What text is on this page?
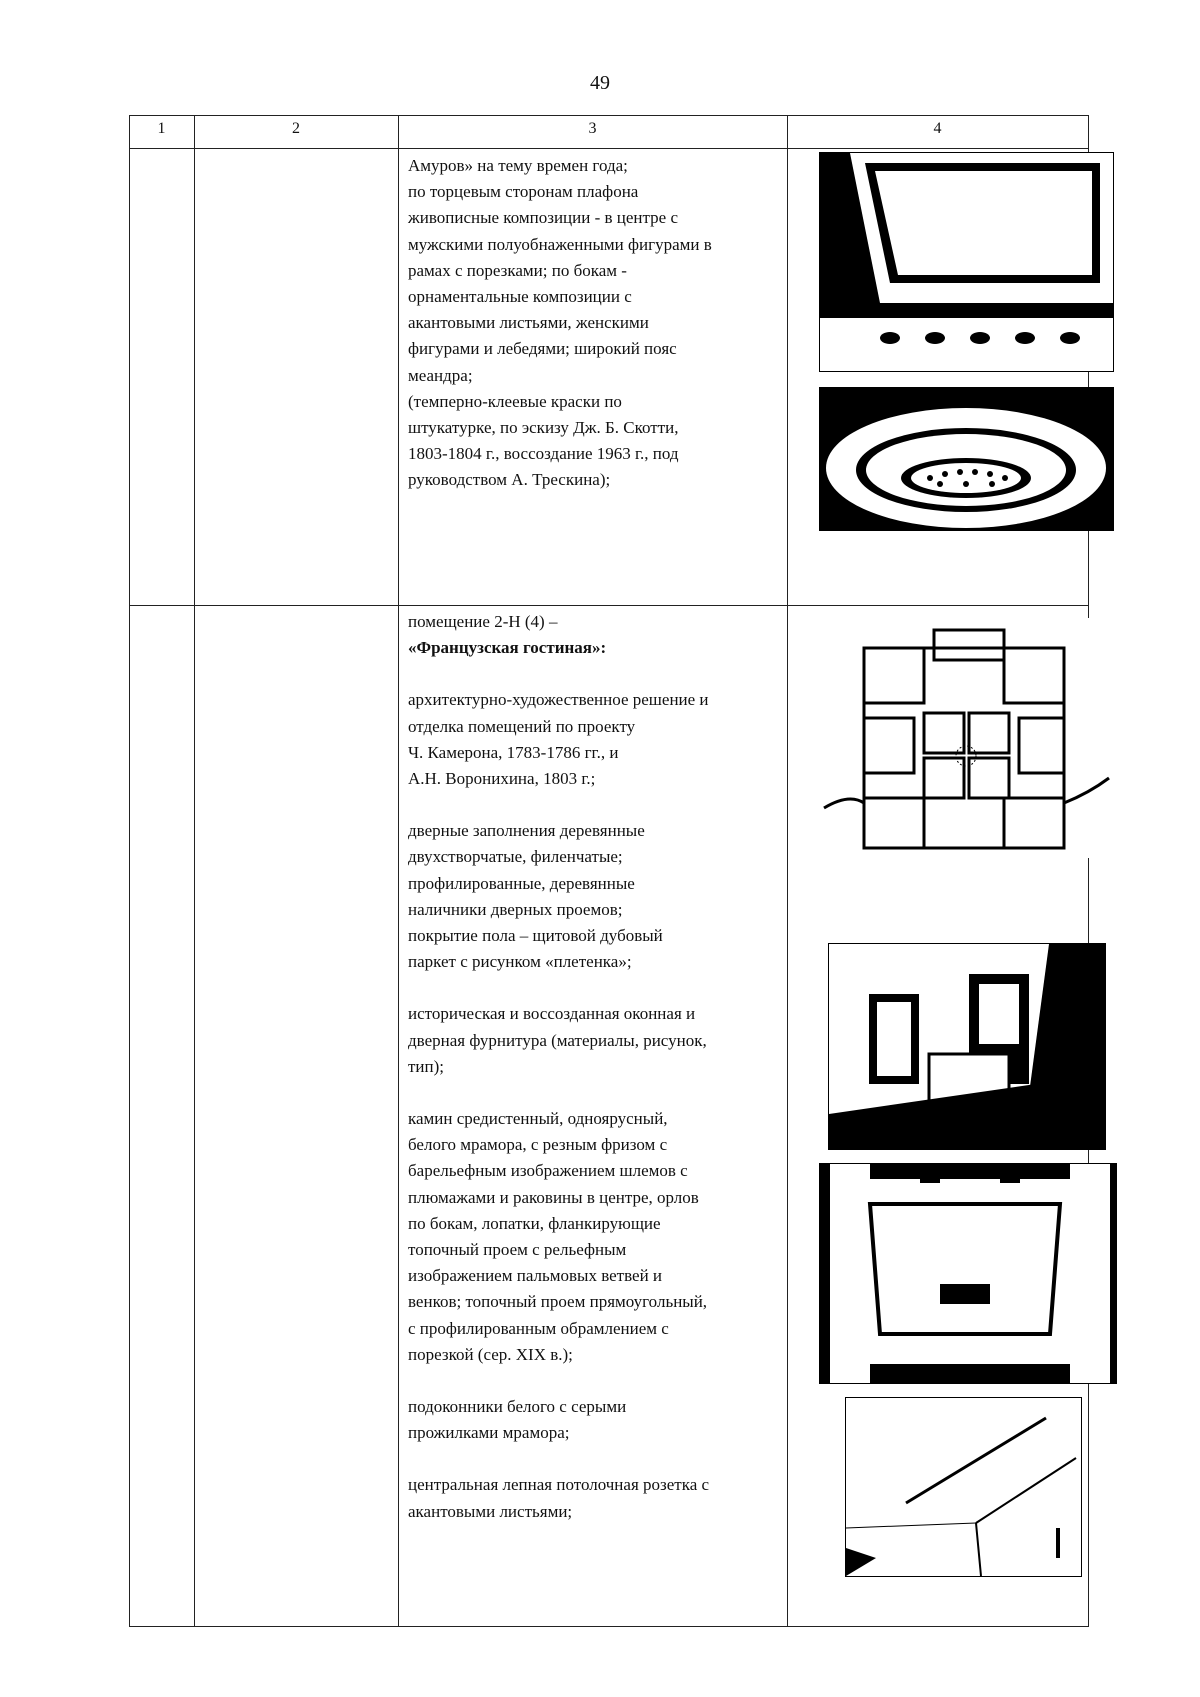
49
1	2	3	4

Амуров» на тему времен года;
по торцевым сторонам плафона
живописные композиции - в центре с
мужскими полуобнаженными фигурами в
рамах с порезками; по бокам -
орнаментальные композиции с
акантовыми листьями, женскими
фигурами и лебедями; широкий пояс
меандра;
(темперно-клеевые краски по
штукатурке, по эскизу Дж. Б. Скотти,
1803-1804 г., воссоздание 1963 г., под
руководством А. Трескина);

помещение 2-Н (4) –

«Французская гостиная»:

архитектурно-художественное решение и
отделка помещений по проекту
Ч. Камерона, 1783-1786 гг., и
А.Н. Воронихина, 1803 г.;

дверные заполнения деревянные
двухстворчатые, филенчатые;
профилированные, деревянные
наличники дверных проемов;
покрытие пола – щитовой дубовый
паркет с рисунком «плетенка»;

историческая и воссозданная оконная и
дверная фурнитура (материалы, рисунок,
тип);

камин средистенный, одноярусный,
белого мрамора, с резным фризом с
барельефным изображением шлемов с
плюмажами и раковины в центре, орлов
по бокам, лопатки, фланкирующие
топочный проем с рельефным
изображением пальмовых ветвей и
венков; топочный проем прямоугольный,
с профилированным обрамлением с
порезкой (сер. XIX в.);

подоконники белого с серыми
прожилками мрамора;

центральная лепная потолочная розетка с
акантовыми листьями;
